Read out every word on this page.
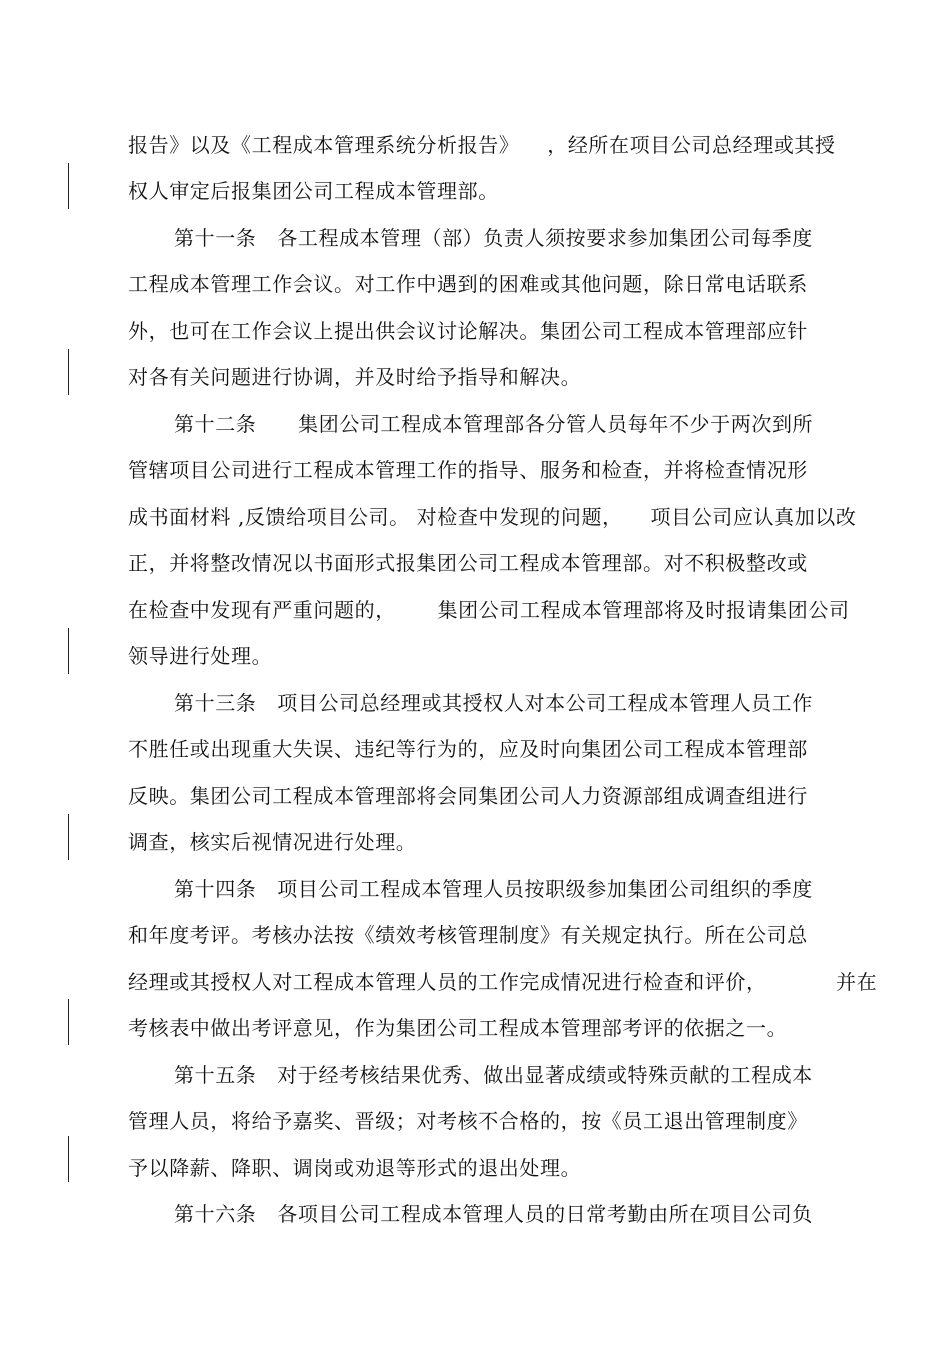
报告》以及《工程成本管理系统分析报告》    ，经所在项目公司总经理或其授
权人审定后报集团公司工程成本管理部。
第十一条   各工程成本管理（部）负责人须按要求参加集团公司每季度
工程成本管理工作会议。对工作中遇到的困难或其他问题，除日常电话联系
外，也可在工作会议上提出供会议讨论解决。集团公司工程成本管理部应针
对各有关问题进行协调，并及时给予指导和解决。
第十二条      集团公司工程成本管理部各分管人员每年不少于两次到所
管辖项目公司进行工程成本管理工作的指导、服务和检查，并将检查情况形
成书面材料 ,反馈给项目公司。 对检查中发现的问题，    项目公司应认真加以改
正，并将整改情况以书面形式报集团公司工程成本管理部。对不积极整改或
在检查中发现有严重问题的，      集团公司工程成本管理部将及时报请集团公司
领导进行处理。
第十三条   项目公司总经理或其授权人对本公司工程成本管理人员工作
不胜任或出现重大失误、违纪等行为的，应及时向集团公司工程成本管理部
反映。集团公司工程成本管理部将会同集团公司人力资源部组成调查组进行
调查，核实后视情况进行处理。
第十四条   项目公司工程成本管理人员按职级参加集团公司组织的季度
和年度考评。考核办法按《绩效考核管理制度》有关规定执行。所在公司总
经理或其授权人对工程成本管理人员的工作完成情况进行检查和评价，          并在
考核表中做出考评意见，作为集团公司工程成本管理部考评的依据之一。
第十五条   对于经考核结果优秀、做出显著成绩或特殊贡献的工程成本
管理人员，将给予嘉奖、晋级；对考核不合格的，按《员工退出管理制度》
予以降薪、降职、调岗或劝退等形式的退出处理。
第十六条   各项目公司工程成本管理人员的日常考勤由所在项目公司负
